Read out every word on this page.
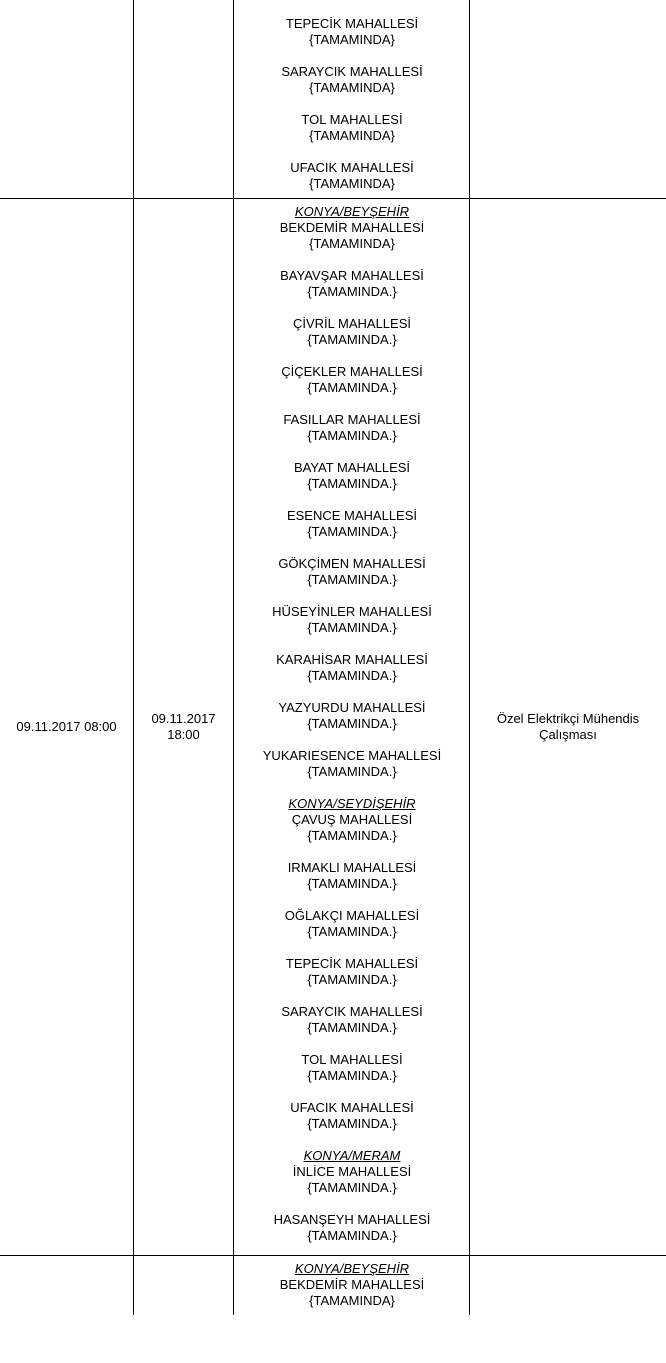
09.11.2017 08:00
09.11.2017
18:00
Özel Elektrikçi Mühendis
Çalışması
TEPECİK MAHALLESİ
{TAMAMINDA}
SARAYCIK MAHALLESİ
{TAMAMINDA}
TOL MAHALLESİ
{TAMAMINDA}
UFACIK MAHALLESİ
{TAMAMINDA}
KONYA/BEYŞEHİR
BEKDEMİR MAHALLESİ
{TAMAMINDA}
BAYAVŞAR MAHALLESİ
{TAMAMINDA.}
ÇİVRİL MAHALLESİ
{TAMAMINDA.}
ÇİÇEKLER MAHALLESİ
{TAMAMINDA.}
FASILLAR MAHALLESİ
{TAMAMINDA.}
BAYAT MAHALLESİ
{TAMAMINDA.}
ESENCE MAHALLESİ
{TAMAMINDA.}
GÖKÇİMEN MAHALLESİ
{TAMAMINDA.}
HÜSEYİNLER MAHALLESİ
{TAMAMINDA.}
KARAHİSAR MAHALLESİ
{TAMAMINDA.}
YAZYURDU MAHALLESİ
{TAMAMINDA.}
YUKARIESENCE MAHALLESİ
{TAMAMINDA.}
KONYA/SEYDİŞEHİR
ÇAVUŞ MAHALLESİ
{TAMAMINDA.}
IRMAKLI MAHALLESİ
{TAMAMINDA.}
OĞLAKÇI MAHALLESİ
{TAMAMINDA.}
TEPECİK MAHALLESİ
{TAMAMINDA.}
SARAYCIK MAHALLESİ
{TAMAMINDA.}
TOL MAHALLESİ
{TAMAMINDA.}
UFACIK MAHALLESİ
{TAMAMINDA.}
KONYA/MERAM
İNLİCE MAHALLESİ
{TAMAMINDA.}
HASANŞEYH MAHALLESİ
{TAMAMINDA.}
KONYA/BEYŞEHİR
BEKDEMİR MAHALLESİ
{TAMAMINDA}
